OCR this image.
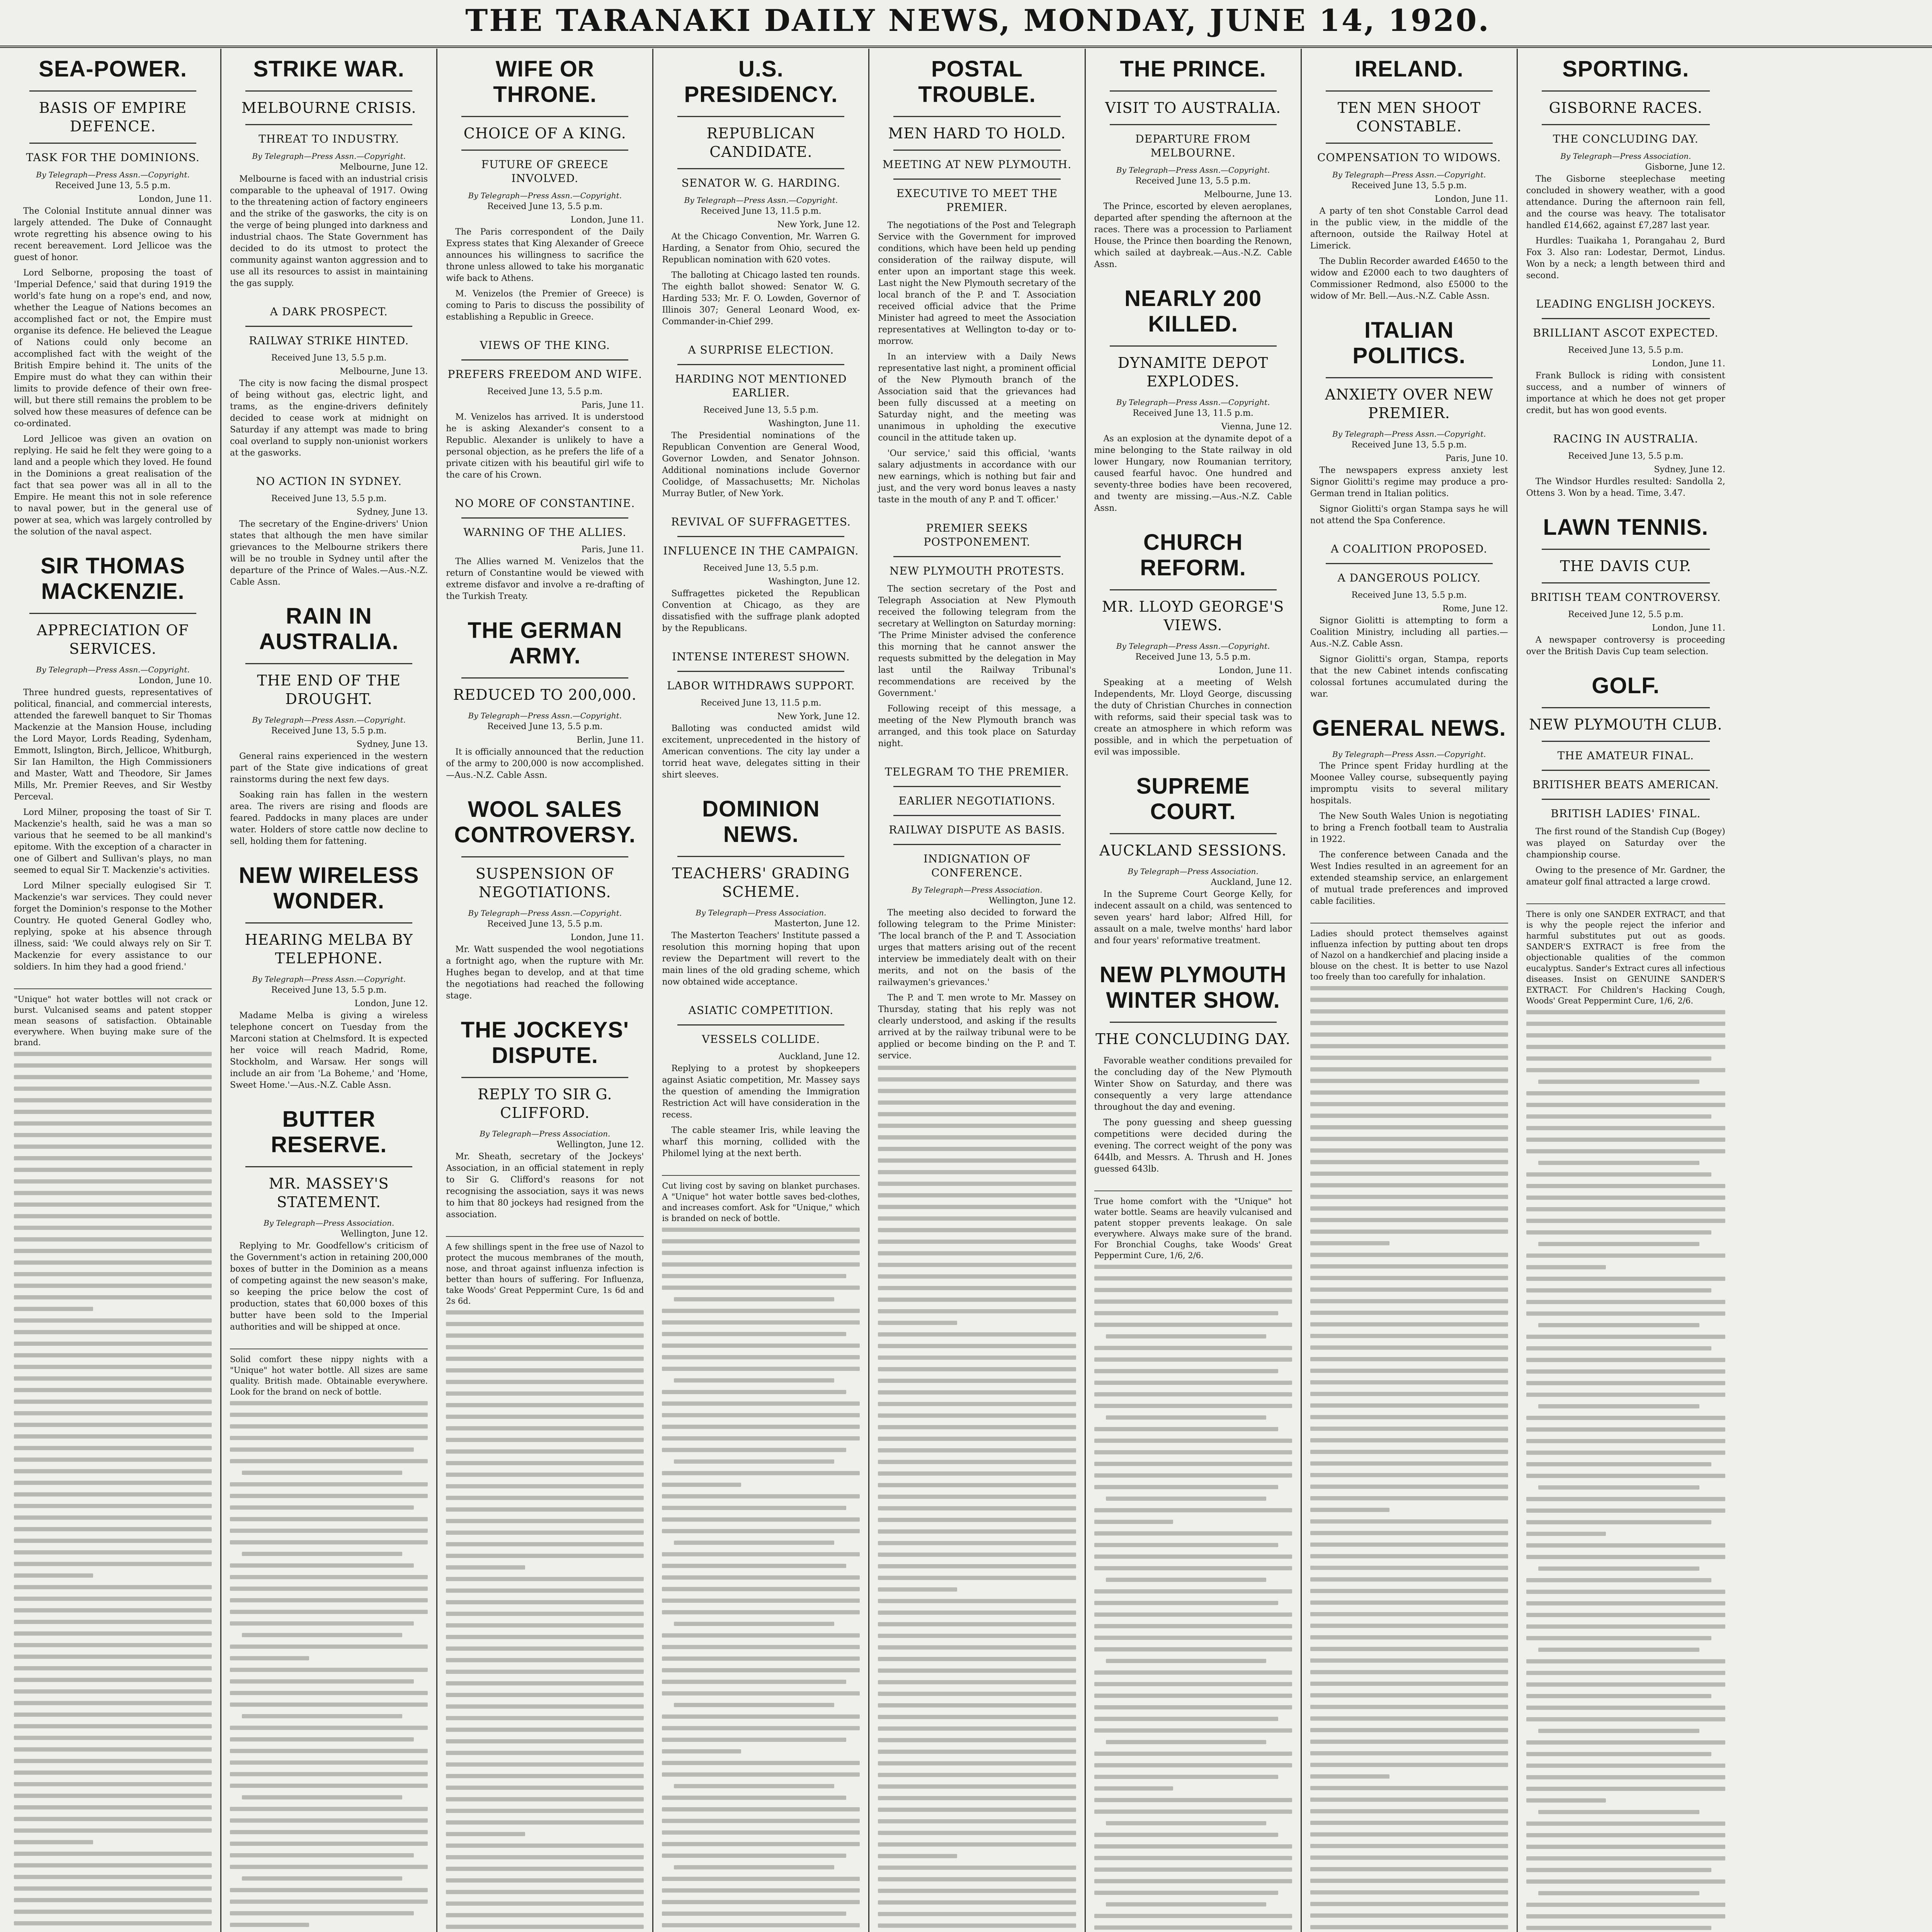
THE TARANAKI DAILY NEWS, MONDAY, JUNE 14, 1920.
SEA-POWER.
BASIS OF EMPIRE DEFENCE.
TASK FOR THE DOMINIONS.
By Telegraph—Press Assn.—Copyright.
Received June 13, 5.5 p.m.
London, June 11.

The Colonial Institute annual dinner was largely attended. The Duke of Connaught wrote regretting his absence owing to his recent bereavement. Lord Jellicoe was the guest of honor.

Lord Selborne, proposing the toast of 'Imperial Defence,' said that during 1919 the world's fate hung on a rope's end, and now, whether the League of Nations becomes an accomplished fact or not, the Empire must organise its defence. He believed the League of Nations could only become an accomplished fact with the weight of the British Empire behind it. The units of the Empire must do what they can within their limits to provide defence of their own free-will, but there still remains the problem to be solved how these measures of defence can be co-ordinated.

Lord Jellicoe was given an ovation on replying. He said he felt they were going to a land and a people which they loved. He found in the Dominions a great realisation of the fact that sea power was all in all to the Empire. He meant this not in sole reference to naval power, but in the general use of power at sea, which was largely controlled by the solution of the naval aspect.

SIR THOMAS MACKENZIE.
APPRECIATION OF SERVICES.
By Telegraph—Press Assn.—Copyright.
London, June 10.

Three hundred guests, representatives of political, financial, and commercial interests, attended the farewell banquet to Sir Thomas Mackenzie at the Mansion House, including the Lord Mayor, Lords Reading, Sydenham, Emmott, Islington, Birch, Jellicoe, Whitburgh, Sir Ian Hamilton, the High Commissioners and Master, Watt and Theodore, Sir James Mills, Mr. Premier Reeves, and Sir Westby Perceval.

Lord Milner, proposing the toast of Sir T. Mackenzie's health, said he was a man so various that he seemed to be all mankind's epitome. With the exception of a character in one of Gilbert and Sullivan's plays, no man seemed to equal Sir T. Mackenzie's activities.

Lord Milner specially eulogised Sir T. Mackenzie's war services. They could never forget the Dominion's response to the Mother Country. He quoted General Godley who, replying, spoke at his absence through illness, said: 'We could always rely on Sir T. Mackenzie for every assistance to our soldiers. In him they had a good friend.'

"Unique" hot water bottles will not crack or burst. Vulcanised seams and patent stopper mean seasons of satisfaction. Obtainable everywhere. When buying make sure of the brand.
STRIKE WAR.
MELBOURNE CRISIS.
THREAT TO INDUSTRY.
By Telegraph—Press Assn.—Copyright.
Melbourne, June 12.

Melbourne is faced with an industrial crisis comparable to the upheaval of 1917. Owing to the threatening action of factory engineers and the strike of the gasworks, the city is on the verge of being plunged into darkness and industrial chaos. The State Government has decided to do its utmost to protect the community against wanton aggression and to use all its resources to assist in maintaining the gas supply.

A DARK PROSPECT.
RAILWAY STRIKE HINTED.
Received June 13, 5.5 p.m.
Melbourne, June 13.

The city is now facing the dismal prospect of being without gas, electric light, and trams, as the engine-drivers definitely decided to cease work at midnight on Saturday if any attempt was made to bring coal overland to supply non-unionist workers at the gasworks.

NO ACTION IN SYDNEY.
Received June 13, 5.5 p.m.
Sydney, June 13.

The secretary of the Engine-drivers' Union states that although the men have similar grievances to the Melbourne strikers there will be no trouble in Sydney until after the departure of the Prince of Wales.—Aus.-N.Z. Cable Assn.

RAIN IN AUSTRALIA.
THE END OF THE DROUGHT.
By Telegraph—Press Assn.—Copyright.
Received June 13, 5.5 p.m.
Sydney, June 13.

General rains experienced in the western part of the State give indications of great rainstorms during the next few days.

Soaking rain has fallen in the western area. The rivers are rising and floods are feared. Paddocks in many places are under water. Holders of store cattle now decline to sell, holding them for fattening.

NEW WIRELESS WONDER.
HEARING MELBA BY TELEPHONE.
By Telegraph—Press Assn.—Copyright.
Received June 13, 5.5 p.m.
London, June 12.

Madame Melba is giving a wireless telephone concert on Tuesday from the Marconi station at Chelmsford. It is expected her voice will reach Madrid, Rome, Stockholm, and Warsaw. Her songs will include an air from 'La Boheme,' and 'Home, Sweet Home.'—Aus.-N.Z. Cable Assn.

BUTTER RESERVE.
MR. MASSEY'S STATEMENT.
By Telegraph—Press Association.
Wellington, June 12.

Replying to Mr. Goodfellow's criticism of the Government's action in retaining 200,000 boxes of butter in the Dominion as a means of competing against the new season's make, so keeping the price below the cost of production, states that 60,000 boxes of this butter have been sold to the Imperial authorities and will be shipped at once.

Solid comfort these nippy nights with a "Unique" hot water bottle. All sizes are same quality. British made. Obtainable everywhere. Look for the brand on neck of bottle.
WIFE OR THRONE.
CHOICE OF A KING.
FUTURE OF GREECE INVOLVED.
By Telegraph—Press Assn.—Copyright.
Received June 13, 5.5 p.m.
London, June 11.

The Paris correspondent of the Daily Express states that King Alexander of Greece announces his willingness to sacrifice the throne unless allowed to take his morganatic wife back to Athens.

M. Venizelos (the Premier of Greece) is coming to Paris to discuss the possibility of establishing a Republic in Greece.

VIEWS OF THE KING.
PREFERS FREEDOM AND WIFE.
Received June 13, 5.5 p.m.
Paris, June 11.

M. Venizelos has arrived. It is understood he is asking Alexander's consent to a Republic. Alexander is unlikely to have a personal objection, as he prefers the life of a private citizen with his beautiful girl wife to the care of his Crown.

NO MORE OF CONSTANTINE.
WARNING OF THE ALLIES.
Paris, June 11.

The Allies warned M. Venizelos that the return of Constantine would be viewed with extreme disfavor and involve a re-drafting of the Turkish Treaty.

THE GERMAN ARMY.
REDUCED TO 200,000.
By Telegraph—Press Assn.—Copyright.
Received June 13, 5.5 p.m.
Berlin, June 11.

It is officially announced that the reduction of the army to 200,000 is now accomplished.—Aus.-N.Z. Cable Assn.

WOOL SALES CONTROVERSY.
SUSPENSION OF NEGOTIATIONS.
By Telegraph—Press Assn.—Copyright.
Received June 13, 5.5 p.m.
London, June 11.

Mr. Watt suspended the wool negotiations a fortnight ago, when the rupture with Mr. Hughes began to develop, and at that time the negotiations had reached the following stage.

THE JOCKEYS' DISPUTE.
REPLY TO SIR G. CLIFFORD.
By Telegraph—Press Association.
Wellington, June 12.

Mr. Sheath, secretary of the Jockeys' Association, in an official statement in reply to Sir G. Clifford's reasons for not recognising the association, says it was news to him that 80 jockeys had resigned from the association.

A few shillings spent in the free use of Nazol to protect the mucous membranes of the mouth, nose, and throat against influenza infection is better than hours of suffering. For Influenza, take Woods' Great Peppermint Cure, 1s 6d and 2s 6d.
U.S. PRESIDENCY.
REPUBLICAN CANDIDATE.
SENATOR W. G. HARDING.
By Telegraph—Press Assn.—Copyright.
Received June 13, 11.5 p.m.
New York, June 12.

At the Chicago Convention, Mr. Warren G. Harding, a Senator from Ohio, secured the Republican nomination with 620 votes.

The balloting at Chicago lasted ten rounds. The eighth ballot showed: Senator W. G. Harding 533; Mr. F. O. Lowden, Governor of Illinois 307; General Leonard Wood, ex-Commander-in-Chief 299.

A SURPRISE ELECTION.
HARDING NOT MENTIONED EARLIER.
Received June 13, 5.5 p.m.
Washington, June 11.

The Presidential nominations of the Republican Convention are General Wood, Governor Lowden, and Senator Johnson. Additional nominations include Governor Coolidge, of Massachusetts; Mr. Nicholas Murray Butler, of New York.

REVIVAL OF SUFFRAGETTES.
INFLUENCE IN THE CAMPAIGN.
Received June 13, 5.5 p.m.
Washington, June 12.

Suffragettes picketed the Republican Convention at Chicago, as they are dissatisfied with the suffrage plank adopted by the Republicans.

INTENSE INTEREST SHOWN.
LABOR WITHDRAWS SUPPORT.
Received June 13, 11.5 p.m.
New York, June 12.

Balloting was conducted amidst wild excitement, unprecedented in the history of American conventions. The city lay under a torrid heat wave, delegates sitting in their shirt sleeves.

DOMINION NEWS.
TEACHERS' GRADING SCHEME.
By Telegraph—Press Association.
Masterton, June 12.

The Masterton Teachers' Institute passed a resolution this morning hoping that upon review the Department will revert to the main lines of the old grading scheme, which now obtained wide acceptance.

ASIATIC COMPETITION.
VESSELS COLLIDE.
Auckland, June 12.

Replying to a protest by shopkeepers against Asiatic competition, Mr. Massey says the question of amending the Immigration Restriction Act will have consideration in the recess.

The cable steamer Iris, while leaving the wharf this morning, collided with the Philomel lying at the next berth.

Cut living cost by saving on blanket purchases. A "Unique" hot water bottle saves bed-clothes, and increases comfort. Ask for "Unique," which is branded on neck of bottle.
POSTAL TROUBLE.
MEN HARD TO HOLD.
MEETING AT NEW PLYMOUTH.
EXECUTIVE TO MEET THE PREMIER.

The negotiations of the Post and Telegraph Service with the Government for improved conditions, which have been held up pending consideration of the railway dispute, will enter upon an important stage this week. Last night the New Plymouth secretary of the local branch of the P. and T. Association received official advice that the Prime Minister had agreed to meet the Association representatives at Wellington to-day or to-morrow.

In an interview with a Daily News representative last night, a prominent official of the New Plymouth branch of the Association said that the grievances had been fully discussed at a meeting on Saturday night, and the meeting was unanimous in upholding the executive council in the attitude taken up.

'Our service,' said this official, 'wants salary adjustments in accordance with our new earnings, which is nothing but fair and just, and the very word bonus leaves a nasty taste in the mouth of any P. and T. officer.'

PREMIER SEEKS POSTPONEMENT.
NEW PLYMOUTH PROTESTS.

The section secretary of the Post and Telegraph Association at New Plymouth received the following telegram from the secretary at Wellington on Saturday morning: 'The Prime Minister advised the conference this morning that he cannot answer the requests submitted by the delegation in May last until the Railway Tribunal's recommendations are received by the Government.'

Following receipt of this message, a meeting of the New Plymouth branch was arranged, and this took place on Saturday night.

TELEGRAM TO THE PREMIER.
EARLIER NEGOTIATIONS.
RAILWAY DISPUTE AS BASIS.
INDIGNATION OF CONFERENCE.
By Telegraph—Press Association.
Wellington, June 12.

The meeting also decided to forward the following telegram to the Prime Minister: 'The local branch of the P. and T. Association urges that matters arising out of the recent interview be immediately dealt with on their merits, and not on the basis of the railwaymen's grievances.'

The P. and T. men wrote to Mr. Massey on Thursday, stating that his reply was not clearly understood, and asking if the results arrived at by the railway tribunal were to be applied or become binding on the P. and T. service.

THE PRINCE.
VISIT TO AUSTRALIA.
DEPARTURE FROM MELBOURNE.
By Telegraph—Press Assn.—Copyright.
Received June 13, 5.5 p.m.
Melbourne, June 13.

The Prince, escorted by eleven aeroplanes, departed after spending the afternoon at the races. There was a procession to Parliament House, the Prince then boarding the Renown, which sailed at daybreak.—Aus.-N.Z. Cable Assn.

NEARLY 200 KILLED.
DYNAMITE DEPOT EXPLODES.
By Telegraph—Press Assn.—Copyright.
Received June 13, 11.5 p.m.
Vienna, June 12.

As an explosion at the dynamite depot of a mine belonging to the State railway in old lower Hungary, now Roumanian territory, caused fearful havoc. One hundred and seventy-three bodies have been recovered, and twenty are missing.—Aus.-N.Z. Cable Assn.

CHURCH REFORM.
MR. LLOYD GEORGE'S VIEWS.
By Telegraph—Press Assn.—Copyright.
Received June 13, 5.5 p.m.
London, June 11.

Speaking at a meeting of Welsh Independents, Mr. Lloyd George, discussing the duty of Christian Churches in connection with reforms, said their special task was to create an atmosphere in which reform was possible, and in which the perpetuation of evil was impossible.

SUPREME COURT.
AUCKLAND SESSIONS.
By Telegraph—Press Association.
Auckland, June 12.

In the Supreme Court George Kelly, for indecent assault on a child, was sentenced to seven years' hard labor; Alfred Hill, for assault on a male, twelve months' hard labor and four years' reformative treatment.

NEW PLYMOUTH WINTER SHOW.
THE CONCLUDING DAY.

Favorable weather conditions prevailed for the concluding day of the New Plymouth Winter Show on Saturday, and there was consequently a very large attendance throughout the day and evening.

The pony guessing and sheep guessing competitions were decided during the evening. The correct weight of the pony was 644lb, and Messrs. A. Thrush and H. Jones guessed 643lb.

True home comfort with the "Unique" hot water bottle. Seams are heavily vulcanised and patent stopper prevents leakage. On sale everywhere. Always make sure of the brand. For Bronchial Coughs, take Woods' Great Peppermint Cure, 1/6, 2/6.
IRELAND.
TEN MEN SHOOT CONSTABLE.
COMPENSATION TO WIDOWS.
By Telegraph—Press Assn.—Copyright.
Received June 13, 5.5 p.m.
London, June 11.

A party of ten shot Constable Carrol dead in the public view, in the middle of the afternoon, outside the Railway Hotel at Limerick.

The Dublin Recorder awarded £4650 to the widow and £2000 each to two daughters of Commissioner Redmond, also £5000 to the widow of Mr. Bell.—Aus.-N.Z. Cable Assn.

ITALIAN POLITICS.
ANXIETY OVER NEW PREMIER.
By Telegraph—Press Assn.—Copyright.
Received June 13, 5.5 p.m.
Paris, June 10.

The newspapers express anxiety lest Signor Giolitti's regime may produce a pro-German trend in Italian politics.

Signor Giolitti's organ Stampa says he will not attend the Spa Conference.

A COALITION PROPOSED.
A DANGEROUS POLICY.
Received June 13, 5.5 p.m.
Rome, June 12.

Signor Giolitti is attempting to form a Coalition Ministry, including all parties.—Aus.-N.Z. Cable Assn.

Signor Giolitti's organ, Stampa, reports that the new Cabinet intends confiscating colossal fortunes accumulated during the war.

GENERAL NEWS.
By Telegraph—Press Assn.—Copyright.

The Prince spent Friday hurdling at the Moonee Valley course, subsequently paying impromptu visits to several military hospitals.

The New South Wales Union is negotiating to bring a French football team to Australia in 1922.

The conference between Canada and the West Indies resulted in an agreement for an extended steamship service, an enlargement of mutual trade preferences and improved cable facilities.

Ladies should protect themselves against influenza infection by putting about ten drops of Nazol on a handkerchief and placing inside a blouse on the chest. It is better to use Nazol too freely than too carefully for inhalation.
SPORTING.
GISBORNE RACES.
THE CONCLUDING DAY.
By Telegraph—Press Association.
Gisborne, June 12.

The Gisborne steeplechase meeting concluded in showery weather, with a good attendance. During the afternoon rain fell, and the course was heavy. The totalisator handled £14,662, against £7,287 last year.

Hurdles: Tuaikaha 1, Porangahau 2, Burd Fox 3. Also ran: Lodestar, Dermot, Lindus. Won by a neck; a length between third and second.

LEADING ENGLISH JOCKEYS.
BRILLIANT ASCOT EXPECTED.
Received June 13, 5.5 p.m.
London, June 11.

Frank Bullock is riding with consistent success, and a number of winners of importance at which he does not get proper credit, but has won good events.

RACING IN AUSTRALIA.
Received June 13, 5.5 p.m.
Sydney, June 12.

The Windsor Hurdles resulted: Sandolla 2, Ottens 3. Won by a head. Time, 3.47.

LAWN TENNIS.
THE DAVIS CUP.
BRITISH TEAM CONTROVERSY.
Received June 12, 5.5 p.m.
London, June 11.

A newspaper controversy is proceeding over the British Davis Cup team selection.

GOLF.
NEW PLYMOUTH CLUB.
THE AMATEUR FINAL.
BRITISHER BEATS AMERICAN.
BRITISH LADIES' FINAL.

The first round of the Standish Cup (Bogey) was played on Saturday over the championship course.

Owing to the presence of Mr. Gardner, the amateur golf final attracted a large crowd.

There is only one SANDER EXTRACT, and that is why the people reject the inferior and harmful substitutes put out as goods. SANDER'S EXTRACT is free from the objectionable qualities of the common eucalyptus. Sander's Extract cures all infectious diseases. Insist on GENUINE SANDER'S EXTRACT. For Children's Hacking Cough, Woods' Great Peppermint Cure, 1/6, 2/6.
